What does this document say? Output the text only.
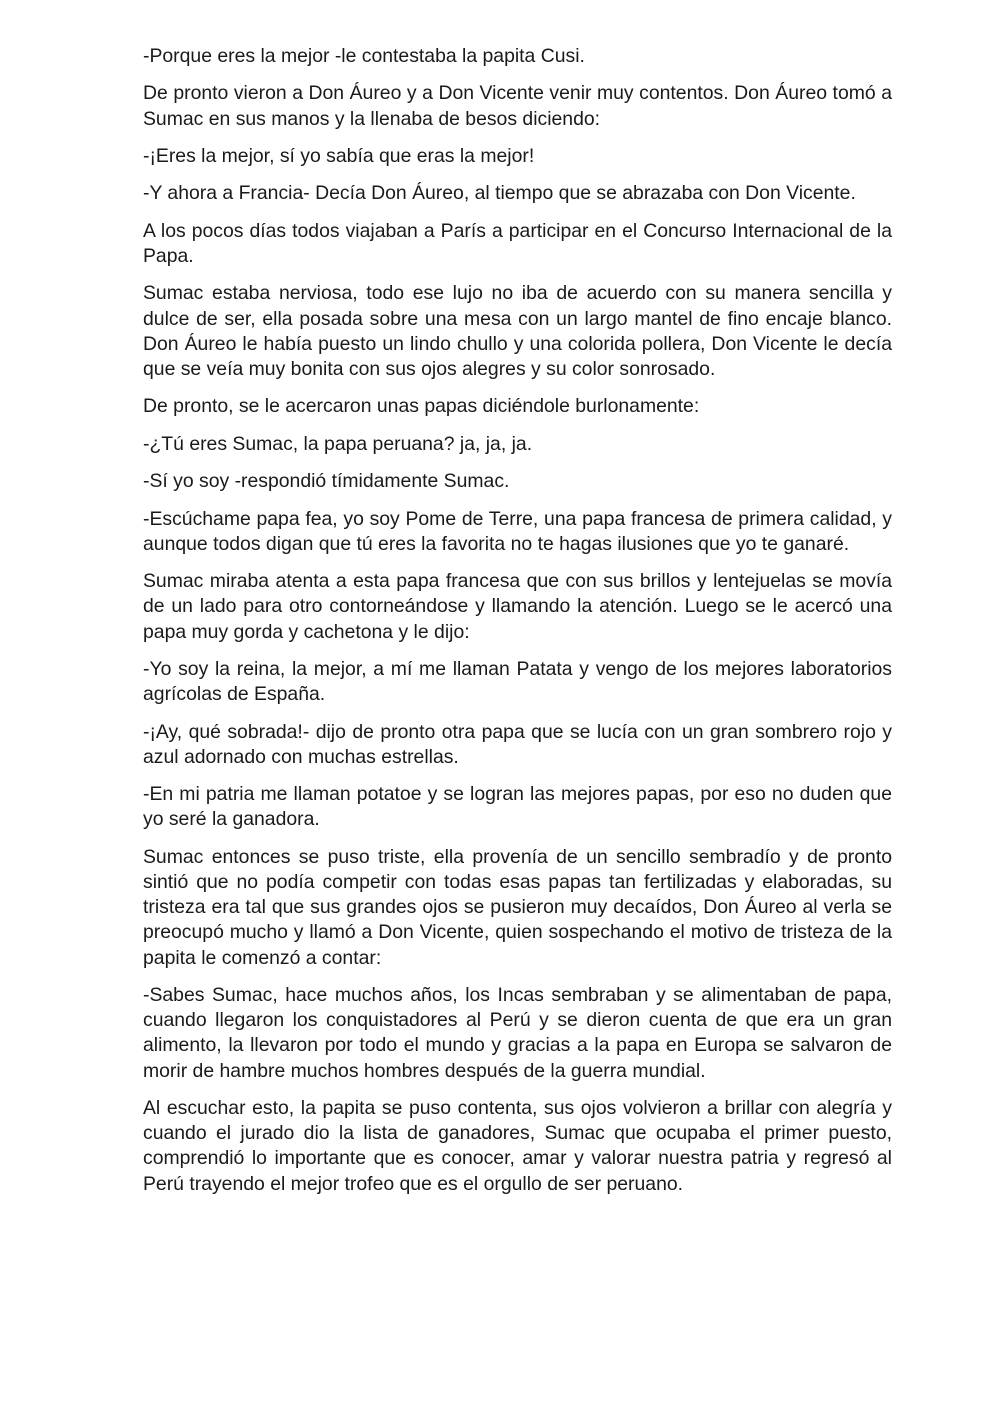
-Porque eres la mejor -le contestaba la papita Cusi.

De pronto vieron a Don Áureo y a Don Vicente venir muy contentos. Don Áureo tomó a Sumac en sus manos y la llenaba de besos diciendo:

-¡Eres la mejor, sí yo sabía que eras la mejor!

-Y ahora a Francia- Decía Don Áureo, al tiempo que se abrazaba con Don Vicente.

A los pocos días todos viajaban a París a participar en el Concurso Internacional de la Papa.

Sumac estaba nerviosa, todo ese lujo no iba de acuerdo con su manera sencilla y dulce de ser, ella posada sobre una mesa con un largo mantel de fino encaje blanco. Don Áureo le había puesto un lindo chullo y una colorida pollera, Don Vicente le decía que se veía muy bonita con sus ojos alegres y su color sonrosado.

De pronto, se le acercaron unas papas diciéndole burlonamente:

-¿Tú eres Sumac, la papa peruana? ja, ja, ja.

-Sí yo soy -respondió tímidamente Sumac.

-Escúchame papa fea, yo soy Pome de Terre, una papa francesa de primera calidad, y aunque todos digan que tú eres la favorita no te hagas ilusiones que yo te ganaré.

Sumac miraba atenta a esta papa francesa que con sus brillos y lentejuelas se movía de un lado para otro contorneándose y llamando la atención. Luego se le acercó una papa muy gorda y cachetona y le dijo:

-Yo soy la reina, la mejor, a mí me llaman Patata y vengo de los mejores laboratorios agrícolas de España.

-¡Ay, qué sobrada!- dijo de pronto otra papa que se lucía con un gran sombrero rojo y azul adornado con muchas estrellas.

-En mi patria me llaman potatoe y se logran las mejores papas, por eso no duden que yo seré la ganadora.

Sumac entonces se puso triste, ella provenía de un sencillo sembradío y de pronto sintió que no podía competir con todas esas papas tan fertilizadas y elaboradas, su tristeza era tal que sus grandes ojos se pusieron muy decaídos, Don Áureo al verla se preocupó mucho y llamó a Don Vicente, quien sospechando el motivo de tristeza de la papita le comenzó a contar:

-Sabes Sumac, hace muchos años, los Incas sembraban y se alimentaban de papa, cuando llegaron los conquistadores al Perú y se dieron cuenta de que era un gran alimento, la llevaron por todo el mundo y gracias a la papa en Europa se salvaron de morir de hambre muchos hombres después de la guerra mundial.

Al escuchar esto, la papita se puso contenta, sus ojos volvieron a brillar con alegría y cuando el jurado dio la lista de ganadores, Sumac que ocupaba el primer puesto, comprendió lo importante que es conocer, amar y valorar nuestra patria y regresó al Perú trayendo el mejor trofeo que es el orgullo de ser peruano.
